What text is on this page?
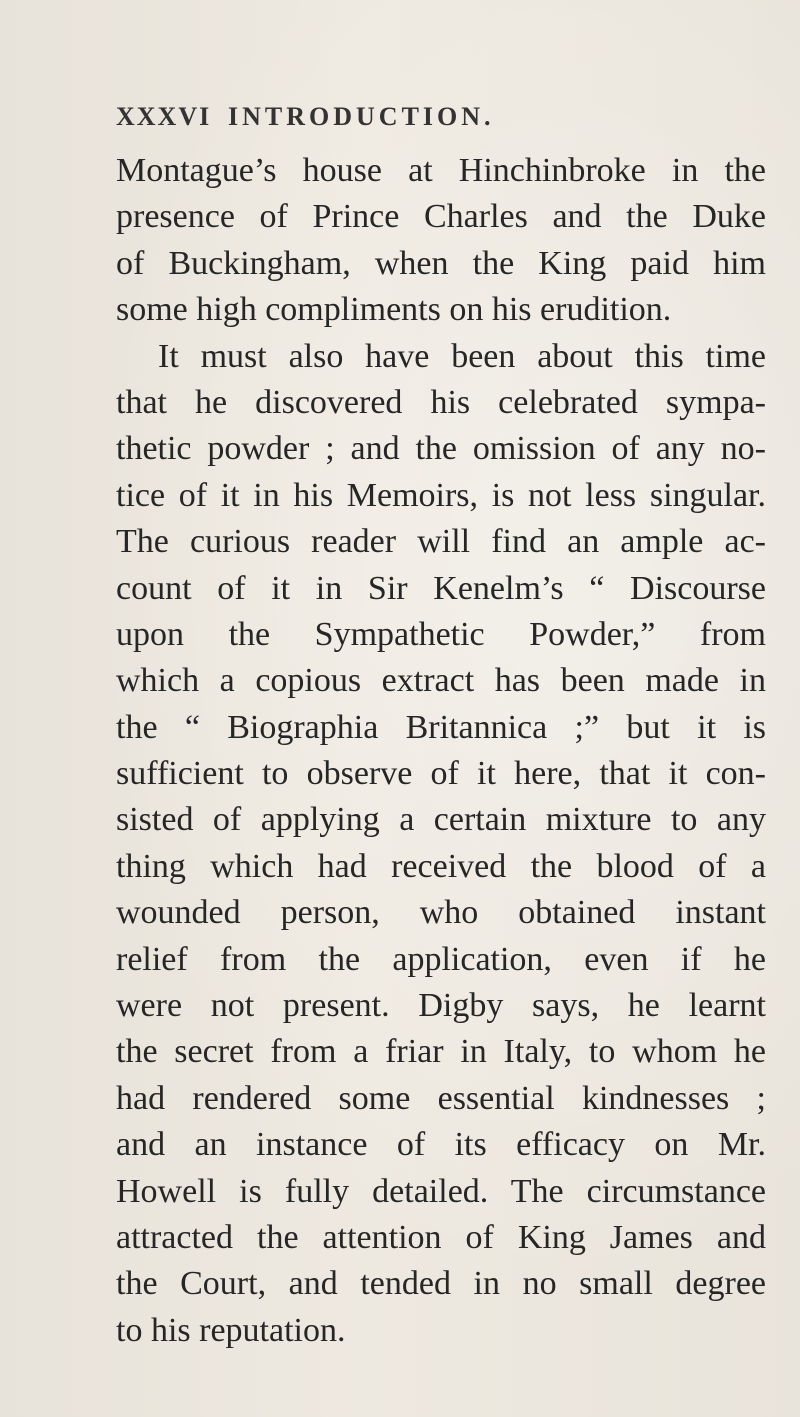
XXXVI INTRODUCTION.
Montague’s house at Hinchinbroke in the
presence of Prince Charles and the Duke
of Buckingham, when the King paid him
some high compliments on his erudition.
It must also have been about this time
that he discovered his celebrated sympa-
thetic powder ; and the omission of any no-
tice of it in his Memoirs, is not less singular.
The curious reader will find an ample ac-
count of it in Sir Kenelm’s “ Discourse
upon the Sympathetic Powder,” from
which a copious extract has been made in
the “ Biographia Britannica ;” but it is
sufficient to observe of it here, that it con-
sisted of applying a certain mixture to any
thing which had received the blood of a
wounded person, who obtained instant
relief from the application, even if he
were not present. Digby says, he learnt
the secret from a friar in Italy, to whom he
had rendered some essential kindnesses ;
and an instance of its efficacy on Mr.
Howell is fully detailed. The circumstance
attracted the attention of King James and
the Court, and tended in no small degree
to his reputation.
